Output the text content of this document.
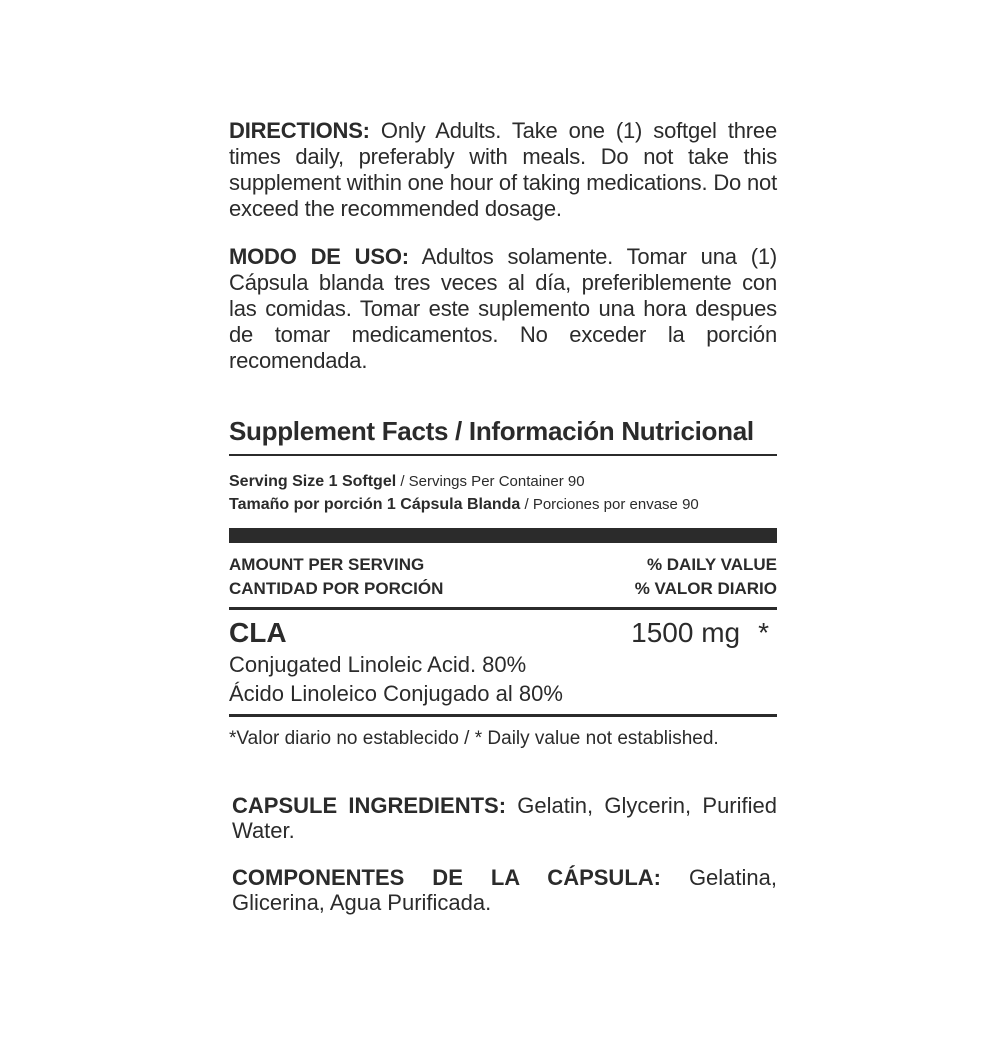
DIRECTIONS: Only Adults. Take one (1) softgel three times daily, preferably with meals. Do not take this supplement within one hour of taking medications. Do not exceed the recommended dosage.

MODO DE USO: Adultos solamente. Tomar una (1) Cápsula blanda tres veces al día, preferiblemente con las comidas. Tomar este suplemento una hora despues de tomar medicamentos. No exceder la porción recomendada.

Supplement Facts / Información Nutricional
Serving Size 1 Softgel / Servings Per Container 90
Tamaño por porción 1 Cápsula Blanda / Porciones por envase 90
AMOUNT PER SERVING
CANTIDAD POR PORCIÓN
% DAILY VALUE
% VALOR DIARIO
CLA	1500 mg *
Conjugated Linoleic Acid. 80%
Ácido Linoleico Conjugado al 80%
*Valor diario no establecido / * Daily value not established.

CAPSULE INGREDIENTS: Gelatin, Glycerin, Purified Water.

COMPONENTES DE LA CÁPSULA: Gelatina, Glicerina, Agua Purificada.
